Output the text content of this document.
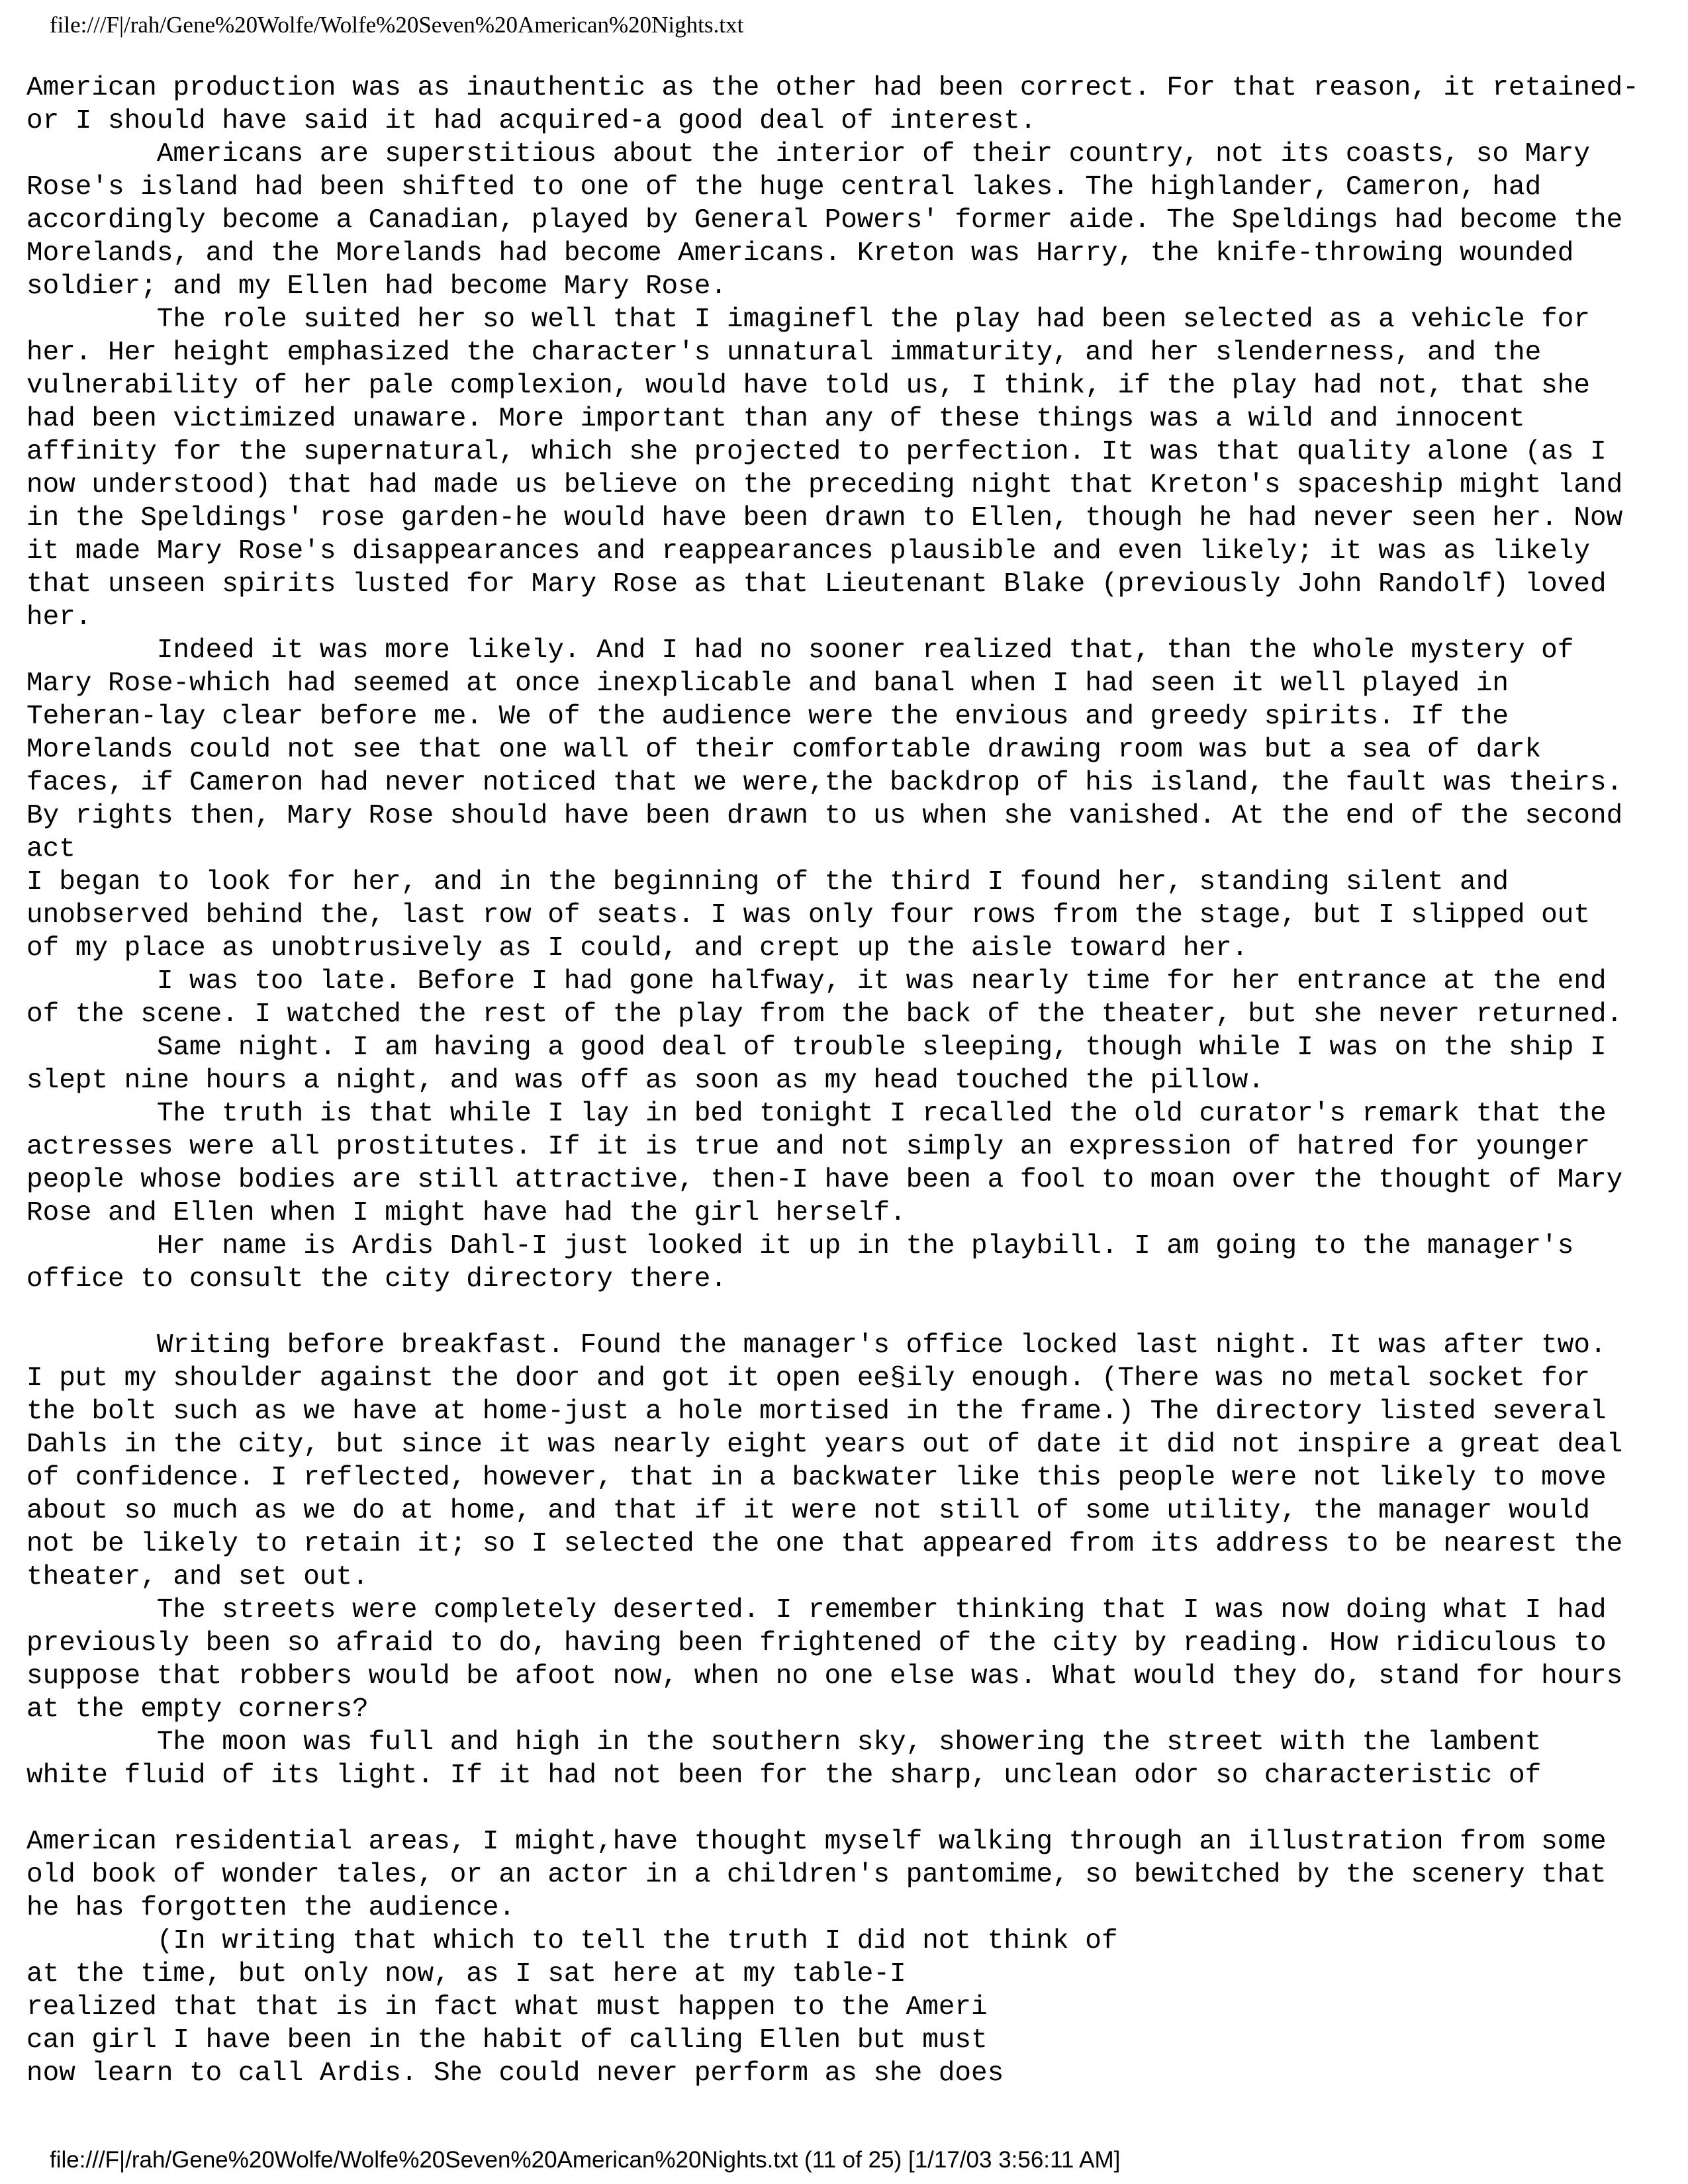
file:///F|/rah/Gene%20Wolfe/Wolfe%20Seven%20American%20Nights.txt
American production was as inauthentic as the other had been correct. For that reason, it retained-
or I should have said it had acquired-a good deal of interest.
Americans are superstitious about the interior of their country, not its coasts, so Mary
Rose's island had been shifted to one of the huge central lakes. The highlander, Cameron, had
accordingly become a Canadian, played by General Powers' former aide. The Speldings had become the
Morelands, and the Morelands had become Americans. Kreton was Harry, the knife-throwing wounded
soldier; and my Ellen had become Mary Rose.
The role suited her so well that I imaginefl the play had been selected as a vehicle for
her. Her height emphasized the character's unnatural immaturity, and her slenderness, and the
vulnerability of her pale complexion, would have told us, I think, if the play had not, that she
had been victimized unaware. More important than any of these things was a wild and innocent
affinity for the supernatural, which she projected to perfection. It was that quality alone (as I
now understood) that had made us believe on the preceding night that Kreton's spaceship might land
in the Speldings' rose garden-he would have been drawn to Ellen, though he had never seen her. Now
it made Mary Rose's disappearances and reappearances plausible and even likely; it was as likely
that unseen spirits lusted for Mary Rose as that Lieutenant Blake (previously John Randolf) loved
her.
Indeed it was more likely. And I had no sooner realized that, than the whole mystery of
Mary Rose-which had seemed at once inexplicable and banal when I had seen it well played in
Teheran-lay clear before me. We of the audience were the envious and greedy spirits. If the
Morelands could not see that one wall of their comfortable drawing room was but a sea of dark
faces, if Cameron had never noticed that we were,the backdrop of his island, the fault was theirs.
By rights then, Mary Rose should have been drawn to us when she vanished. At the end of the second
act
I began to look for her, and in the beginning of the third I found her, standing silent and
unobserved behind the, last row of seats. I was only four rows from the stage, but I slipped out
of my place as unobtrusively as I could, and crept up the aisle toward her.
I was too late. Before I had gone halfway, it was nearly time for her entrance at the end
of the scene. I watched the rest of the play from the back of the theater, but she never returned.
Same night. I am having a good deal of trouble sleeping, though while I was on the ship I
slept nine hours a night, and was off as soon as my head touched the pillow.
The truth is that while I lay in bed tonight I recalled the old curator's remark that the
actresses were all prostitutes. If it is true and not simply an expression of hatred for younger
people whose bodies are still attractive, then-I have been a fool to moan over the thought of Mary
Rose and Ellen when I might have had the girl herself.
Her name is Ardis Dahl-I just looked it up in the playbill. I am going to the manager's
office to consult the city directory there.
Writing before breakfast. Found the manager's office locked last night. It was after two.
I put my shoulder against the door and got it open ee§ily enough. (There was no metal socket for
the bolt such as we have at home-just a hole mortised in the frame.) The directory listed several
Dahls in the city, but since it was nearly eight years out of date it did not inspire a great deal
of confidence. I reflected, however, that in a backwater like this people were not likely to move
about so much as we do at home, and that if it were not still of some utility, the manager would
not be likely to retain it; so I selected the one that appeared from its address to be nearest the
theater, and set out.
The streets were completely deserted. I remember thinking that I was now doing what I had
previously been so afraid to do, having been frightened of the city by reading. How ridiculous to
suppose that robbers would be afoot now, when no one else was. What would they do, stand for hours
at the empty corners?
The moon was full and high in the southern sky, showering the street with the lambent
white fluid of its light. If it had not been for the sharp, unclean odor so characteristic of
American residential areas, I might,have thought myself walking through an illustration from some
old book of wonder tales, or an actor in a children's pantomime, so bewitched by the scenery that
he has forgotten the audience.
(In writing that which to tell the truth I did not think of
at the time, but only now, as I sat here at my table-I
realized that that is in fact what must happen to the Ameri
can girl I have been in the habit of calling Ellen but must
now learn to call Ardis. She could never perform as she does
file:///F|/rah/Gene%20Wolfe/Wolfe%20Seven%20American%20Nights.txt (11 of 25) [1/17/03 3:56:11 AM]
